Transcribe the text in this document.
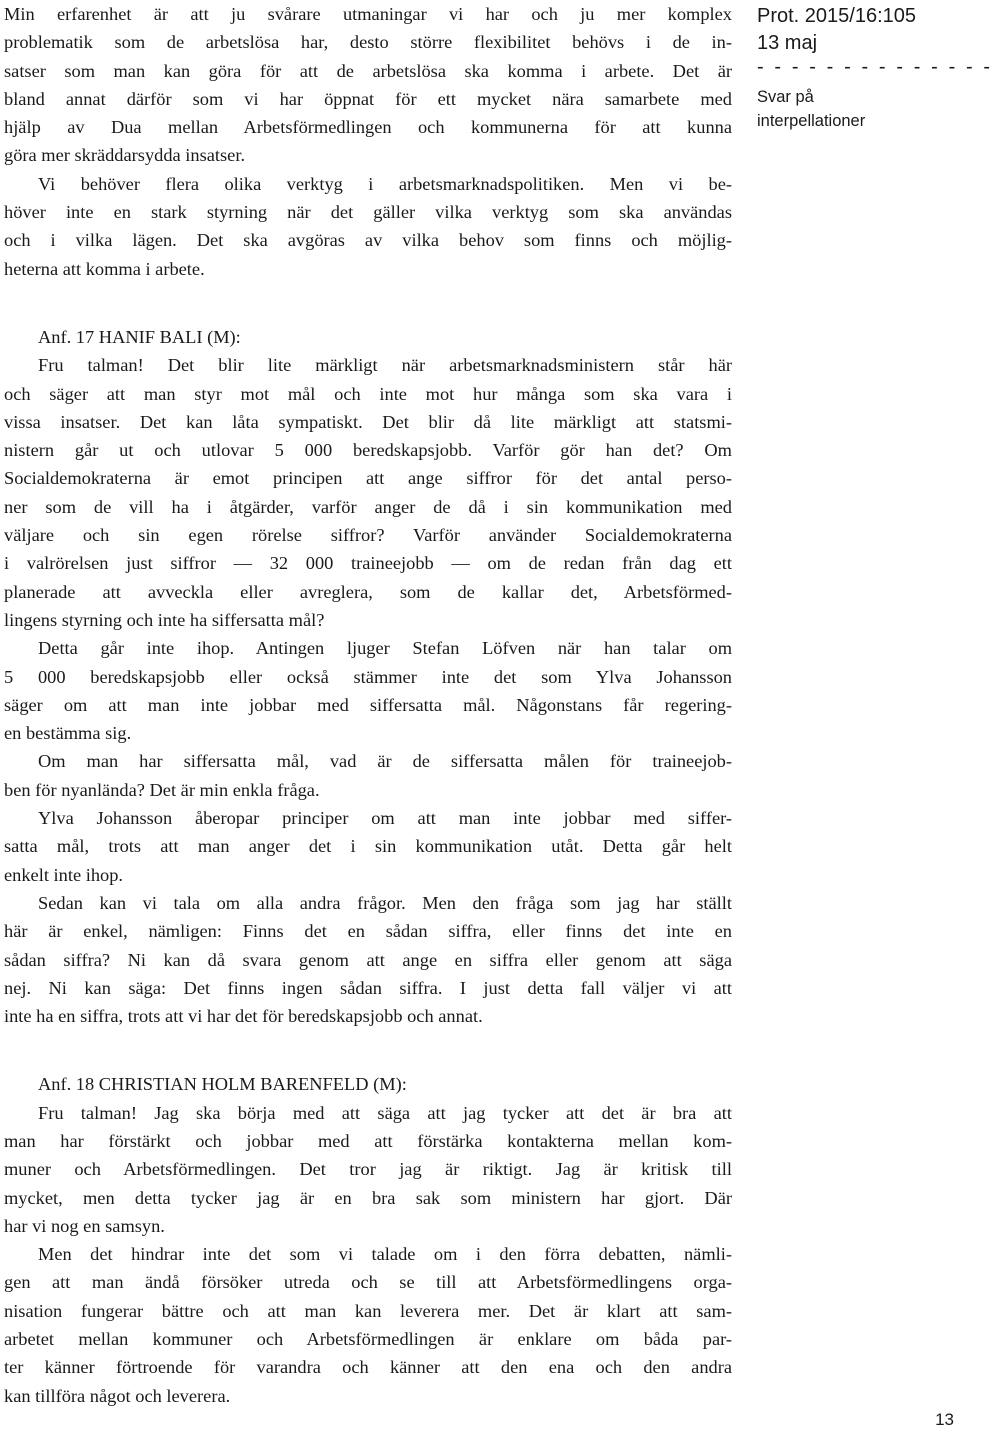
Min erfarenhet är att ju svårare utmaningar vi har och ju mer komplex
problematik som de arbetslösa har, desto större flexibilitet behövs i de in-
satser som man kan göra för att de arbetslösa ska komma i arbete. Det är
bland annat därför som vi har öppnat för ett mycket nära samarbete med
hjälp av Dua mellan Arbetsförmedlingen och kommunerna för att kunna
göra mer skräddarsydda insatser.
Vi behöver flera olika verktyg i arbetsmarknadspolitiken. Men vi be-
höver inte en stark styrning när det gäller vilka verktyg som ska användas
och i vilka lägen. Det ska avgöras av vilka behov som finns och möjlig-
heterna att komma i arbete.
Anf. 17 HANIF BALI (M):
Fru talman! Det blir lite märkligt när arbetsmarknadsministern står här
och säger att man styr mot mål och inte mot hur många som ska vara i
vissa insatser. Det kan låta sympatiskt. Det blir då lite märkligt att statsmi-
nistern går ut och utlovar 5 000 beredskapsjobb. Varför gör han det? Om
Socialdemokraterna är emot principen att ange siffror för det antal perso-
ner som de vill ha i åtgärder, varför anger de då i sin kommunikation med
väljare och sin egen rörelse siffror? Varför använder Socialdemokraterna
i valrörelsen just siffror — 32 000 traineejobb — om de redan från dag ett
planerade att avveckla eller avreglera, som de kallar det, Arbetsförmed-
lingens styrning och inte ha siffersatta mål?
Detta går inte ihop. Antingen ljuger Stefan Löfven när han talar om
5 000 beredskapsjobb eller också stämmer inte det som Ylva Johansson
säger om att man inte jobbar med siffersatta mål. Någonstans får regering-
en bestämma sig.
Om man har siffersatta mål, vad är de siffersatta målen för traineejob-
ben för nyanlända? Det är min enkla fråga.
Ylva Johansson åberopar principer om att man inte jobbar med siffer-
satta mål, trots att man anger det i sin kommunikation utåt. Detta går helt
enkelt inte ihop.
Sedan kan vi tala om alla andra frågor. Men den fråga som jag har ställt
här är enkel, nämligen: Finns det en sådan siffra, eller finns det inte en
sådan siffra? Ni kan då svara genom att ange en siffra eller genom att säga
nej. Ni kan säga: Det finns ingen sådan siffra. I just detta fall väljer vi att
inte ha en siffra, trots att vi har det för beredskapsjobb och annat.
Anf. 18 CHRISTIAN HOLM BARENFELD (M):
Fru talman! Jag ska börja med att säga att jag tycker att det är bra att
man har förstärkt och jobbar med att förstärka kontakterna mellan kom-
muner och Arbetsförmedlingen. Det tror jag är riktigt. Jag är kritisk till
mycket, men detta tycker jag är en bra sak som ministern har gjort. Där
har vi nog en samsyn.
Men det hindrar inte det som vi talade om i den förra debatten, nämli-
gen att man ändå försöker utreda och se till att Arbetsförmedlingens orga-
nisation fungerar bättre och att man kan leverera mer. Det är klart att sam-
arbetet mellan kommuner och Arbetsförmedlingen är enklare om båda par-
ter känner förtroende för varandra och känner att den ena och den andra
kan tillföra något och leverera.
Prot. 2015/16:105
13 maj
- - - - - - - - - - - - - -
Svar på
interpellationer
13
